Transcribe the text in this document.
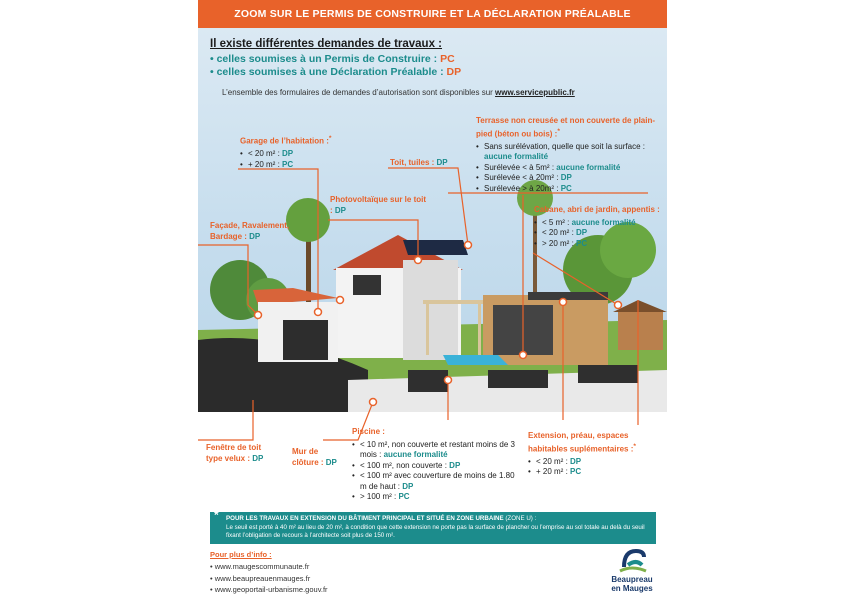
ZOOM SUR LE PERMIS DE CONSTRUIRE ET LA DÉCLARATION PRÉALABLE
Il existe différentes demandes de travaux :
• celles soumises à un Permis de Construire : PC
• celles soumises à une Déclaration Préalable : DP
L’ensemble des formulaires de demandes d’autorisation sont disponibles sur www.servicepublic.fr
Garage de l’habitation :*
• < 20 m² : DP
• + 20 m² : PC	Toit, tuiles : DP
Terrasse non creusée et non couverte de plain-pied (béton ou bois) :*
• Sans surélévation, quelle que soit la surface : aucune formalité
• Surélevée < à 5m² : aucune formalité
• Surélevée < à 20m² : DP
• Surélevée > à 20m² : PC
Photovoltaïque sur le toit : DP
Façade, Ravalement, Bardage : DP
Cabane, abri de jardin, appentis :
• < 5 m² : aucune formalité
• < 20 m² : DP
• > 20 m² : PC
Fenêtre de toit type velux : DP
Mur de clôture : DP
Piscine :
• < 10 m², non couverte et restant moins de 3 mois : aucune formalité
• < 100 m², non couverte : DP
• < 100 m² avec couverture de moins de 1.80 m de haut : DP
• > 100 m² : PC
Extension, préau, espaces habitables suplémentaires :*
• < 20 m² : DP
• + 20 m² : PC
* POUR LES TRAVAUX EN EXTENSION DU BÂTIMENT PRINCIPAL ET SITUÉ EN ZONE URBAINE (ZONE U) :
Le seuil est porté à 40 m² au lieu de 20 m², à condition que cette extension ne porte pas la surface de plancher ou l’emprise au sol totale au delà du seuil fixant l’obligation de recours à l’architecte soit plus de 150 m².
Pour plus d’info :
• www.maugescommunaute.fr
• www.beaupreauenmauges.fr
• www.geoportail-urbanisme.gouv.fr
Beaupreau
en Mauges
